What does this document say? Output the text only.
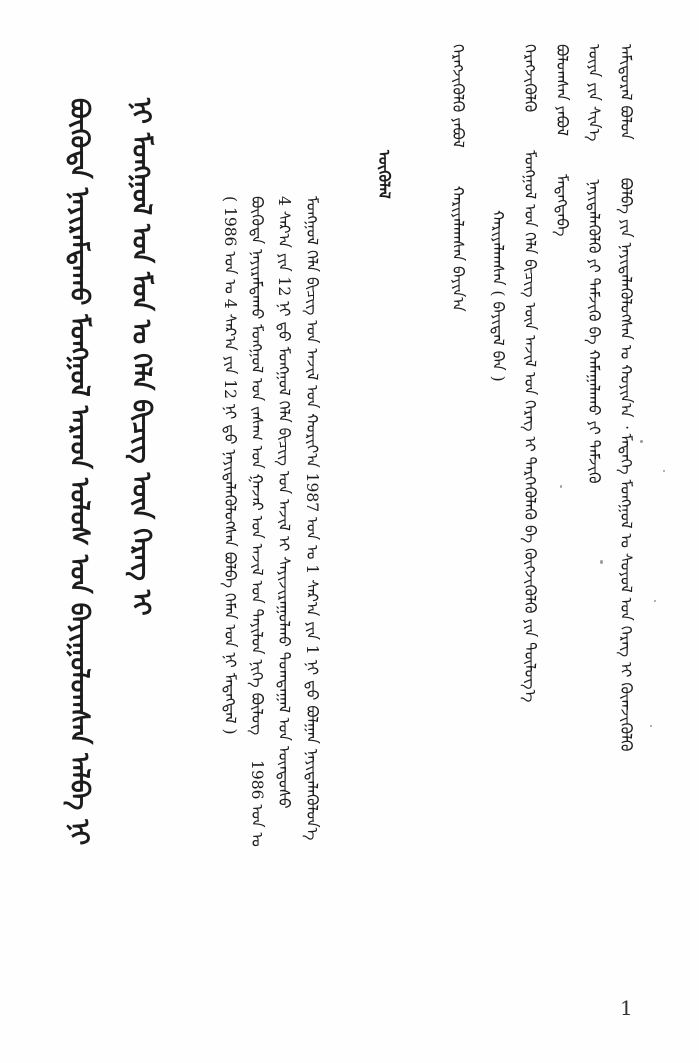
ᠪᠦᠭᠦᠳᠡ ᠨᠠᠶᠢᠷᠠᠮᠳᠠᠬᠤ ᠮᠣᠩᠭᠣᠯ ᠠᠷᠠᠳ ᠣᠯᠣᠰ ᠤᠨ ᠪᠠᠶᠢᠭᠤᠯᠤᠭᠰᠠᠨ ᠠᠯᠪᠠ ᠨᠢ	ᠨᠢ ᠮᠣᠩᠭᠣᠯ ᠤᠨ ᠮᠤᠨ ᠤ ᠬᠡᠯᠡ ᠪᠢᠴᠢᠭ ᠦᠨ ᠬᠡᠷᠡᠭ ᠢ	ᠦᠭᠦᠯᠡᠯ
ᠮᠣᠩᠭᠣᠯ ᠬᠡᠯᠡ ᠪᠢᠴᠢᠭ ᠤᠨ ᠠᠵᠢᠯ ᠤᠨ ᠬᠣᠷᠢᠶ᠎ᠠ 1987 ᠣᠨ ᠤ 1 ᠰᠠᠷ᠎ᠠ ᠶᠢᠨ 1 ᠨᠢ ᠳ᠋ᠦ ᠪᠣᠯᠭᠠᠨ ᠨᠡᠶᠢᠲᠡᠯᠡᠭᠦᠯᠦᠨ᠎ᠡ
4 ᠰᠠᠷ᠎ᠠ ᠶᠢᠨ 12 ᠨᠢ ᠳ᠋ᠦ ᠮᠣᠩᠭᠣᠯ ᠬᠡᠯᠡ ᠪᠢᠴᠢᠭ ᠤᠨ ᠠᠵᠢᠯ ᠢ ᠰᠠᠶᠢᠵᠢᠷᠠᠭᠤᠯᠬᠤ ᠲᠣᠭᠲᠠᠭᠠᠯ ᠤᠨ ᠦᠨᠳᠦᠰᠦ
ᠪᠦᠭᠦᠳᠡ ᠨᠠᠶᠢᠷᠠᠮᠳᠠᠬᠤ ᠮᠣᠩᠭᠣᠯ ᠤᠨ ᠵᠠᠰᠠᠭ ᠤᠨ ᠭᠠᠵᠠᠷ ᠤᠨ ᠠᠵᠢᠯ ᠤᠨ ᠲᠠᠶᠢᠯᠤᠨ ᠨᠢᠭᠡ ᠪᠦᠯᠦᠭ
( 1986 ᠣᠨ ᠤ 4 ᠰᠠᠷ᠎ᠠ ᠶᠢᠨ 12 ᠨᠢ ᠳ᠋ᠦ ᠨᠡᠶᠢᠲᠡᠯᠡᠭᠦᠯᠦᠭᠰᠡᠨ ᠪᠣᠯᠪᠠ ᠬᠡᠮᠡᠨ ᠤᠨ ᠨᠢ ᠮᠡᠳᠡᠭᠳᠡᠯ )
1986 ᠣᠨ ᠤ
ᠠᠮᠢᠳᠤᠷᠠᠯ ᠪᠣᠯᠤᠨ  ᠪᠣᠯᠪᠠ ᠶᠢᠨ ᠨᠡᠶᠢᠲᠡᠯᠡᠭᠦᠯᠦᠭᠰᠡᠨ ᠤ ᠬᠣᠶᠢᠨ᠎ᠠ ᠂ ᠮᠡᠳᠡᠭᠡ ᠮᠣᠩᠭᠣᠯ ᠤ ᠰᠣᠶᠣᠯ ᠤᠨ ᠬᠡᠷᠡᠭ ᠢ ᠬᠥᠭ᠍ᠵᠢᠭᠦᠯᠬᠦ
ᠦᠶᠡ ᠶᠢᠨ ᠰᠢᠨ᠎ᠡ  ᠨᠡᠶᠢᠲᠡᠯᠡᠭᠦᠯᠬᠦ ᠶᠢ ᠳᠡᠮᠵᠢᠬᠦ ᠪᠠ ᠬᠠᠮᠠᠭᠠᠯᠠᠬᠤ ᠶᠢ ᠳᠡᠮᠵᠢᠬᠦ
ᠪᠣᠯᠤᠭᠰᠠᠨ ᠶᠠᠪᠤᠯ  ᠮᠡᠳᠡᠭᠳᠡᠪᠡ
ᠬᠡᠷᠡᠭᠵᠢᠭᠦᠯᠬᠦ  ᠮᠣᠩᠭᠣᠯ ᠤᠨ ᠬᠡᠯᠡ ᠪᠢᠴᠢᠭ ᠦᠨ ᠠᠵᠢᠯ ᠤᠨ ᠬᠡᠷᠡᠭ ᠢ ᠲᠡᠷᠭᠡᠭᠦᠯᠡᠬᠦ ᠪᠠ ᠬᠥᠭᠵᠢᠭᠦᠯᠬᠦ ᠶᠢᠨ ᠲᠥᠯᠦᠭ᠎ᠡ
ᠬᠠᠷᠢᠶᠠᠯᠠᠭᠰᠠᠨ ( ᠪᠠᠶᠢᠳᠠᠯ ᠪᠠᠨ )
ᠬᠡᠷᠡᠭᠵᠢᠭᠦᠯᠬᠦ ᠶᠠᠪᠤᠯ  ᠬᠠᠷᠢᠶᠠᠯᠠᠭᠰᠠᠨ ᠪᠠᠶᠢᠨ᠎ᠠ
1
